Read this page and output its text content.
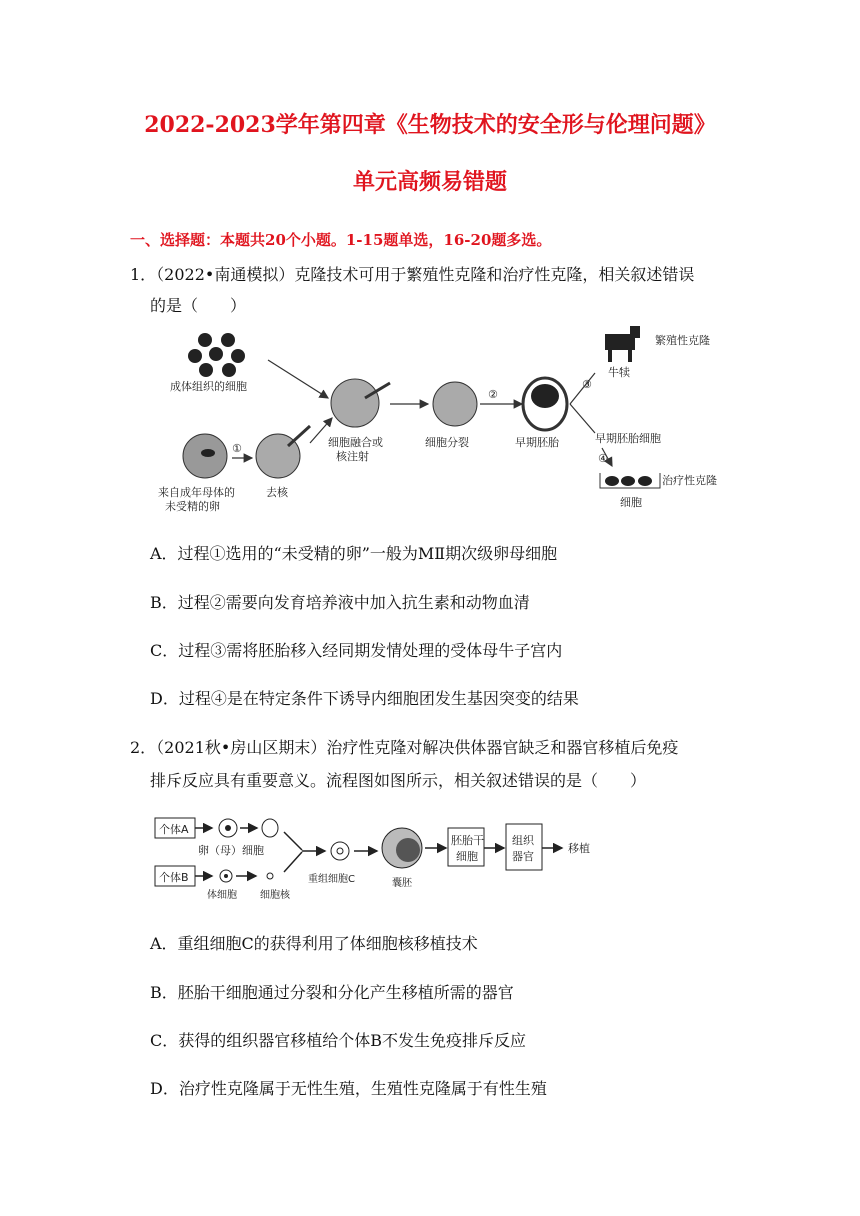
2022-2023学年第四章《生物技术的安全形与伦理问题》
单元高频易错题
一、选择题：本题共20个小题。1-15题单选，16-20题多选。
1．（2022•南通模拟）克隆技术可用于繁殖性克隆和治疗性克隆，相关叙述错误
的是（　　）
成体组织的细胞
来自成年母体的
未受精的卵
①
去核
细胞融合或
核注射
细胞分裂
②
早期胚胎
③
牛犊
繁殖性克隆
早期胚胎细胞
④
治疗性克隆
细胞
A．过程①选用的“未受精的卵”一般为MⅡ期次级卵母细胞
B．过程②需要向发育培养液中加入抗生素和动物血清
C．过程③需将胚胎移入经同期发情处理的受体母牛子宫内
D．过程④是在特定条件下诱导内细胞团发生基因突变的结果
2．（2021秋•房山区期末）治疗性克隆对解决供体器官缺乏和器官移植后免疫
排斥反应具有重要意义。流程图如图所示，相关叙述错误的是（　　）
个体A
卵（母）细胞
个体B
体细胞 细胞核
重组细胞C	囊胚
胚胎干
细胞
组织
器官
移植
A．重组细胞C的获得利用了体细胞核移植技术
B．胚胎干细胞通过分裂和分化产生移植所需的器官
C．获得的组织器官移植给个体B不发生免疫排斥反应
D．治疗性克隆属于无性生殖，生殖性克隆属于有性生殖
